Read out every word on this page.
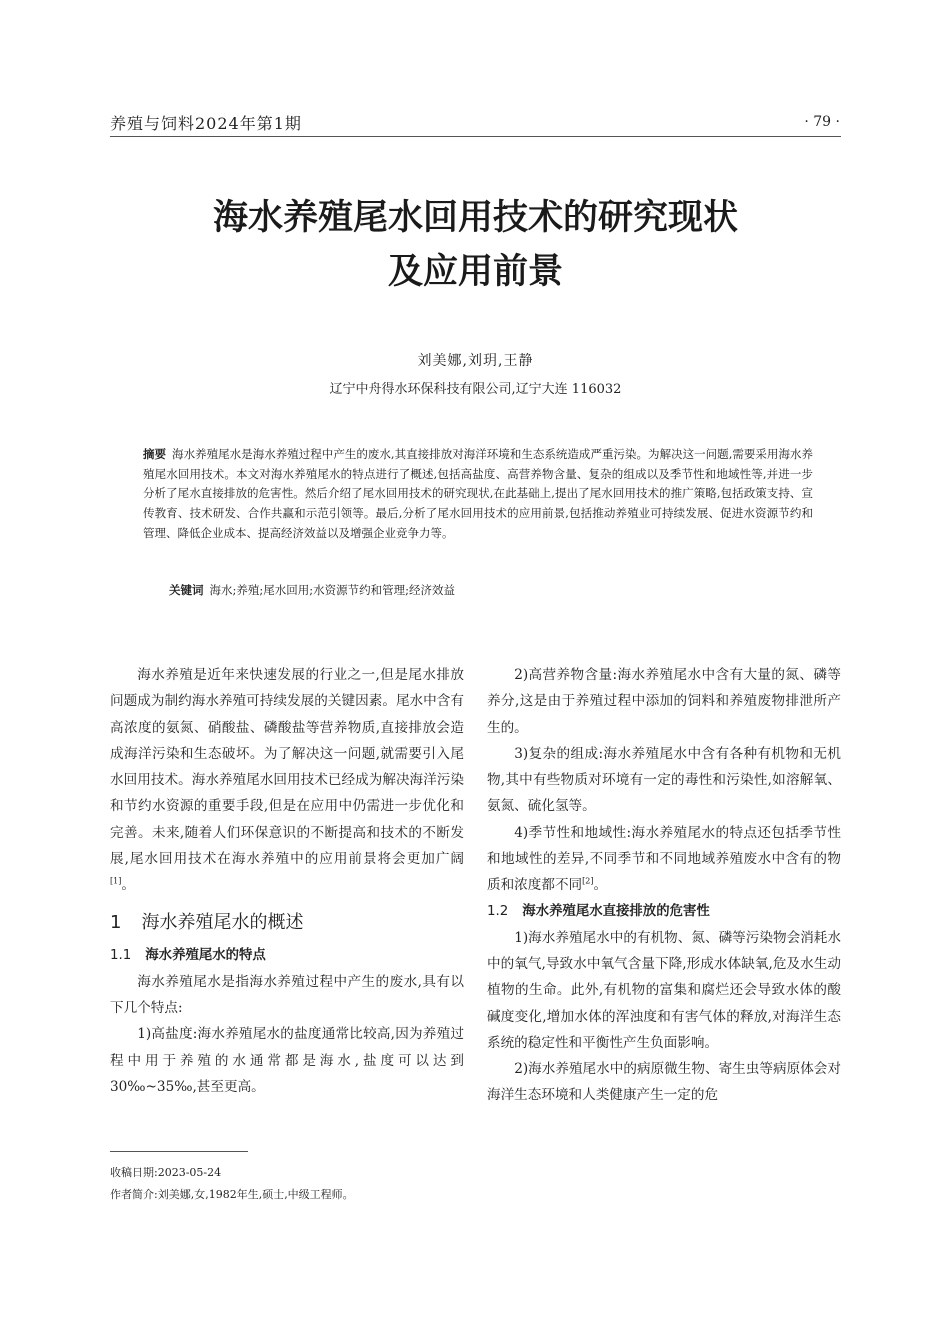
养殖与饲料2024年第1期	· 79 ·
海水养殖尾水回用技术的研究现状
及应用前景
刘美娜,刘玥,王静
辽宁中舟得水环保科技有限公司,辽宁大连 116032
摘要 海水养殖尾水是海水养殖过程中产生的废水,其直接排放对海洋环境和生态系统造成严重污染。为解决这一问题,需要采用海水养殖尾水回用技术。本文对海水养殖尾水的特点进行了概述,包括高盐度、高营养物含量、复杂的组成以及季节性和地域性等,并进一步分析了尾水直接排放的危害性。然后介绍了尾水回用技术的研究现状,在此基础上,提出了尾水回用技术的推广策略,包括政策支持、宣传教育、技术研发、合作共赢和示范引领等。最后,分析了尾水回用技术的应用前景,包括推动养殖业可持续发展、促进水资源节约和管理、降低企业成本、提高经济效益以及增强企业竞争力等。
关键词 海水;养殖;尾水回用;水资源节约和管理;经济效益

海水养殖是近年来快速发展的行业之一,但是尾水排放问题成为制约海水养殖可持续发展的关键因素。尾水中含有高浓度的氨氮、硝酸盐、磷酸盐等营养物质,直接排放会造成海洋污染和生态破坏。为了解决这一问题,就需要引入尾水回用技术。海水养殖尾水回用技术已经成为解决海洋污染和节约水资源的重要手段,但是在应用中仍需进一步优化和完善。未来,随着人们环保意识的不断提高和技术的不断发展,尾水回用技术在海水养殖中的应用前景将会更加广阔[1]。

1 海水养殖尾水的概述
1.1 海水养殖尾水的特点

海水养殖尾水是指海水养殖过程中产生的废水,具有以下几个特点:

1)高盐度:海水养殖尾水的盐度通常比较高,因为养殖过程中用于养殖的水通常都是海水,盐度可以达到30‰~35‰,甚至更高。

2)高营养物含量:海水养殖尾水中含有大量的氮、磷等养分,这是由于养殖过程中添加的饲料和养殖废物排泄所产生的。

3)复杂的组成:海水养殖尾水中含有各种有机物和无机物,其中有些物质对环境有一定的毒性和污染性,如溶解氧、氨氮、硫化氢等。

4)季节性和地域性:海水养殖尾水的特点还包括季节性和地域性的差异,不同季节和不同地域养殖废水中含有的物质和浓度都不同[2]。

1.2 海水养殖尾水直接排放的危害性

1)海水养殖尾水中的有机物、氮、磷等污染物会消耗水中的氧气,导致水中氧气含量下降,形成水体缺氧,危及水生动植物的生命。此外,有机物的富集和腐烂还会导致水体的酸碱度变化,增加水体的浑浊度和有害气体的释放,对海洋生态系统的稳定性和平衡性产生负面影响。

2)海水养殖尾水中的病原微生物、寄生虫等病原体会对海洋生态环境和人类健康产生一定的危

收稿日期:2023-05-24
作者简介:刘美娜,女,1982年生,硕士,中级工程师。
